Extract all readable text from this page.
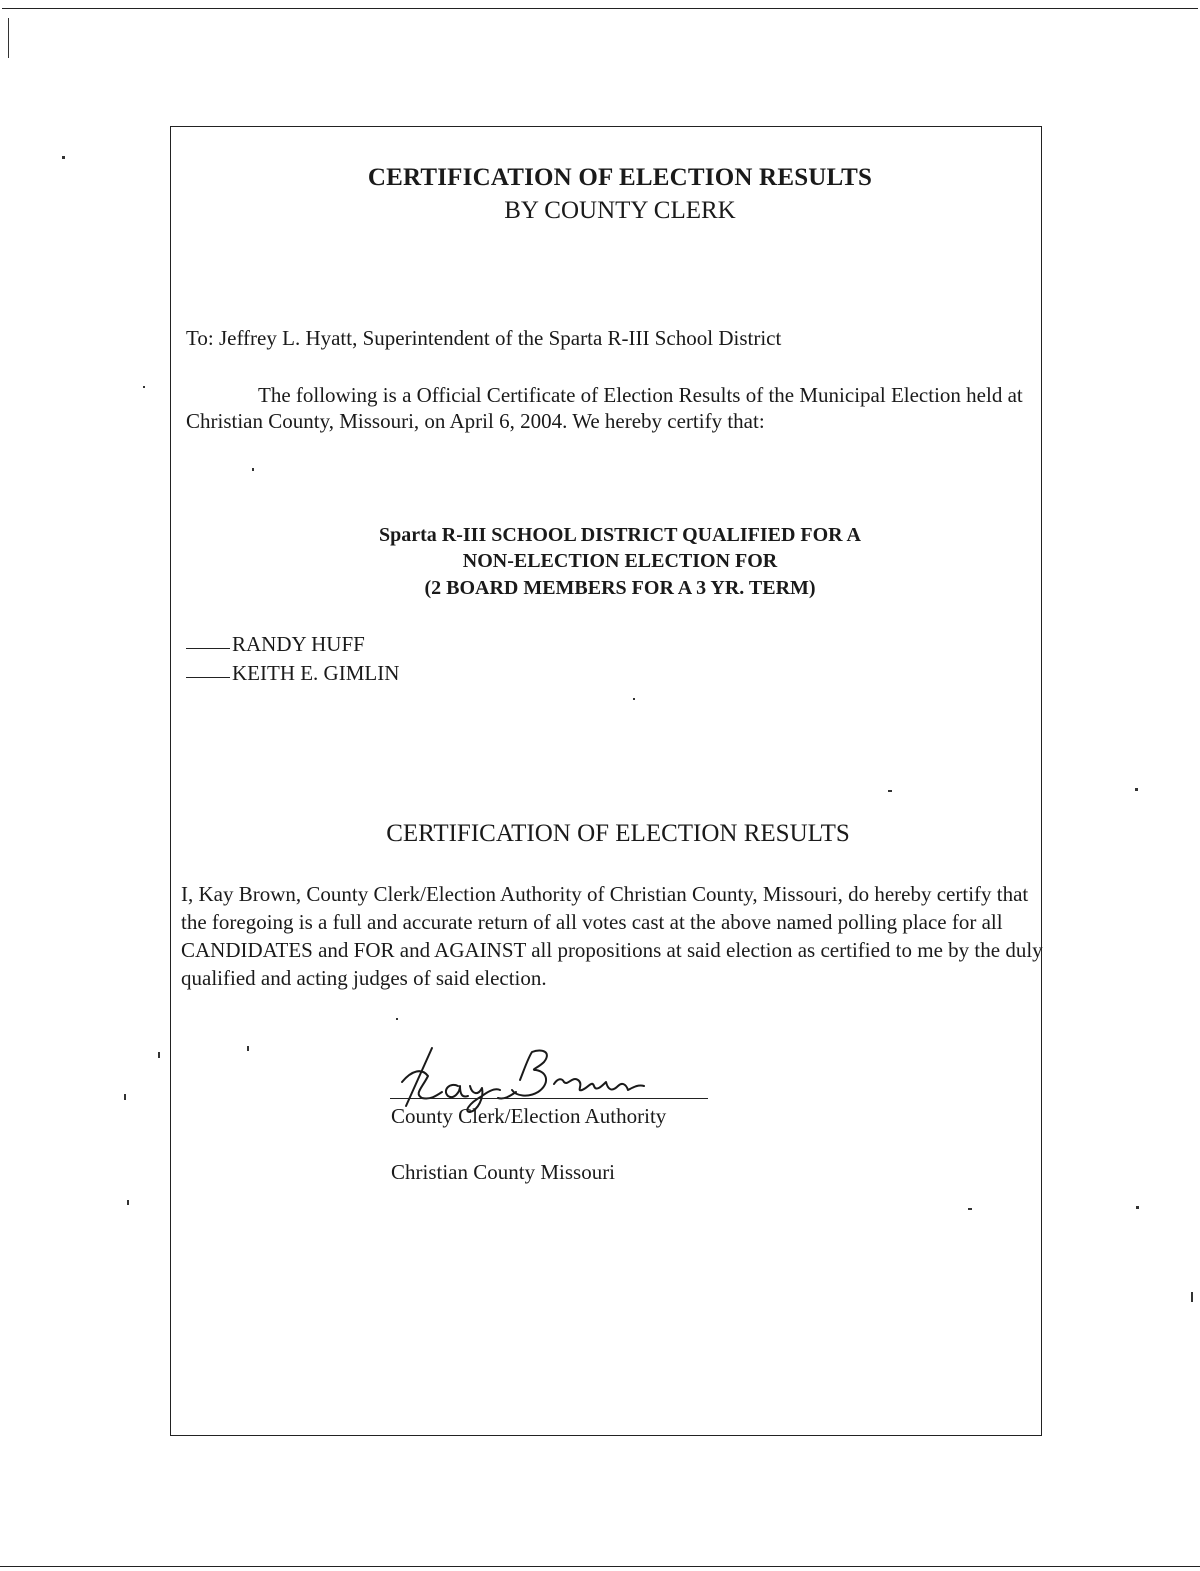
CERTIFICATION OF ELECTION RESULTS
BY COUNTY CLERK
To: Jeffrey L. Hyatt, Superintendent of the Sparta R-III School District
The following is a Official Certificate of Election Results of the Municipal Election held at Christian County, Missouri, on April 6, 2004. We hereby certify that:
Sparta R-III SCHOOL DISTRICT QUALIFIED FOR A
NON-ELECTION ELECTION FOR
(2 BOARD MEMBERS FOR A 3 YR. TERM)
RANDY HUFF
KEITH E. GIMLIN
CERTIFICATION OF ELECTION RESULTS
I, Kay Brown, County Clerk/Election Authority of Christian County, Missouri, do hereby certify that the foregoing is a full and accurate return of all votes cast at the above named polling place for all CANDIDATES and FOR and AGAINST all propositions at said election as certified to me by the duly qualified and acting judges of said election.
County Clerk/Election Authority
Christian County Missouri
